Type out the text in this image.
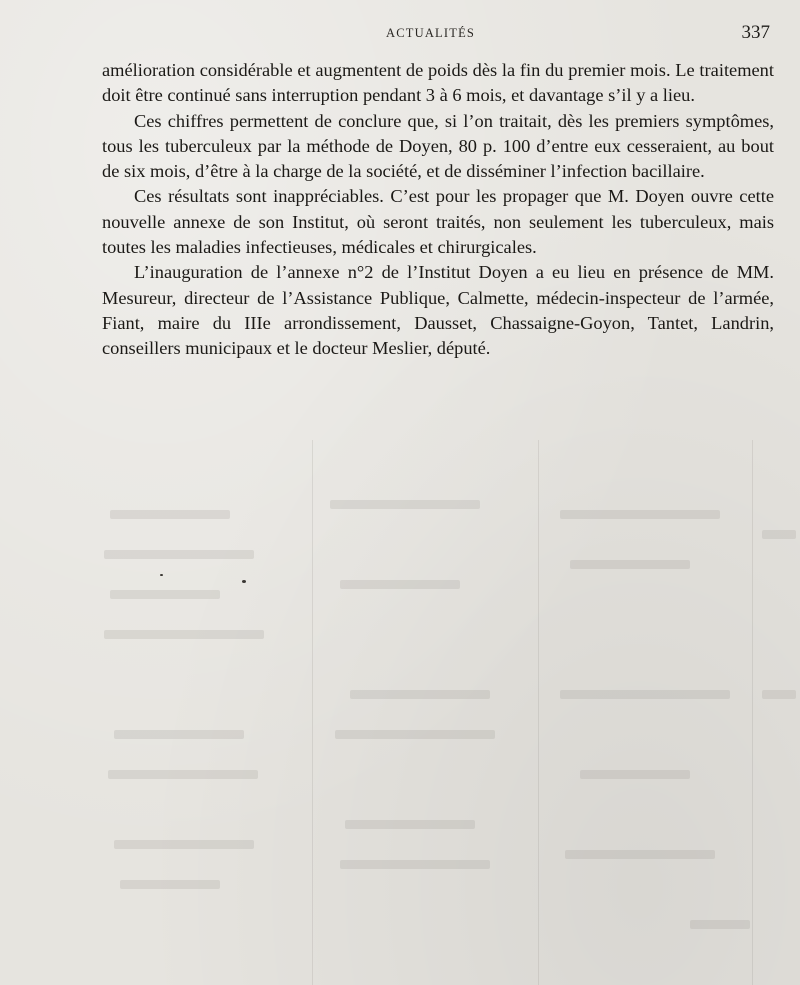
ACTUALITÉS	337

amélioration considérable et augmentent de poids dès la fin du premier mois. Le traitement doit être continué sans interruption pendant 3 à 6 mois, et davantage s’il y a lieu.

Ces chiffres permettent de conclure que, si l’on traitait, dès les premiers symptômes, tous les tuberculeux par la méthode de Doyen, 80 p. 100 d’entre eux cesseraient, au bout de six mois, d’être à la charge de la société, et de disséminer l’infection bacillaire.

Ces résultats sont inappréciables. C’est pour les propager que M. Doyen ouvre cette nouvelle annexe de son Institut, où seront traités, non seulement les tuberculeux, mais toutes les maladies infectieuses, médicales et chirurgicales.

L’inauguration de l’annexe n°2 de l’Institut Doyen a eu lieu en présence de MM. Mesureur, directeur de l’Assistance Publique, Calmette, médecin-inspecteur de l’armée, Fiant, maire du IIIe arrondissement, Dausset, Chassaigne-Goyon, Tantet, Landrin, conseillers municipaux et le docteur Meslier, député.
